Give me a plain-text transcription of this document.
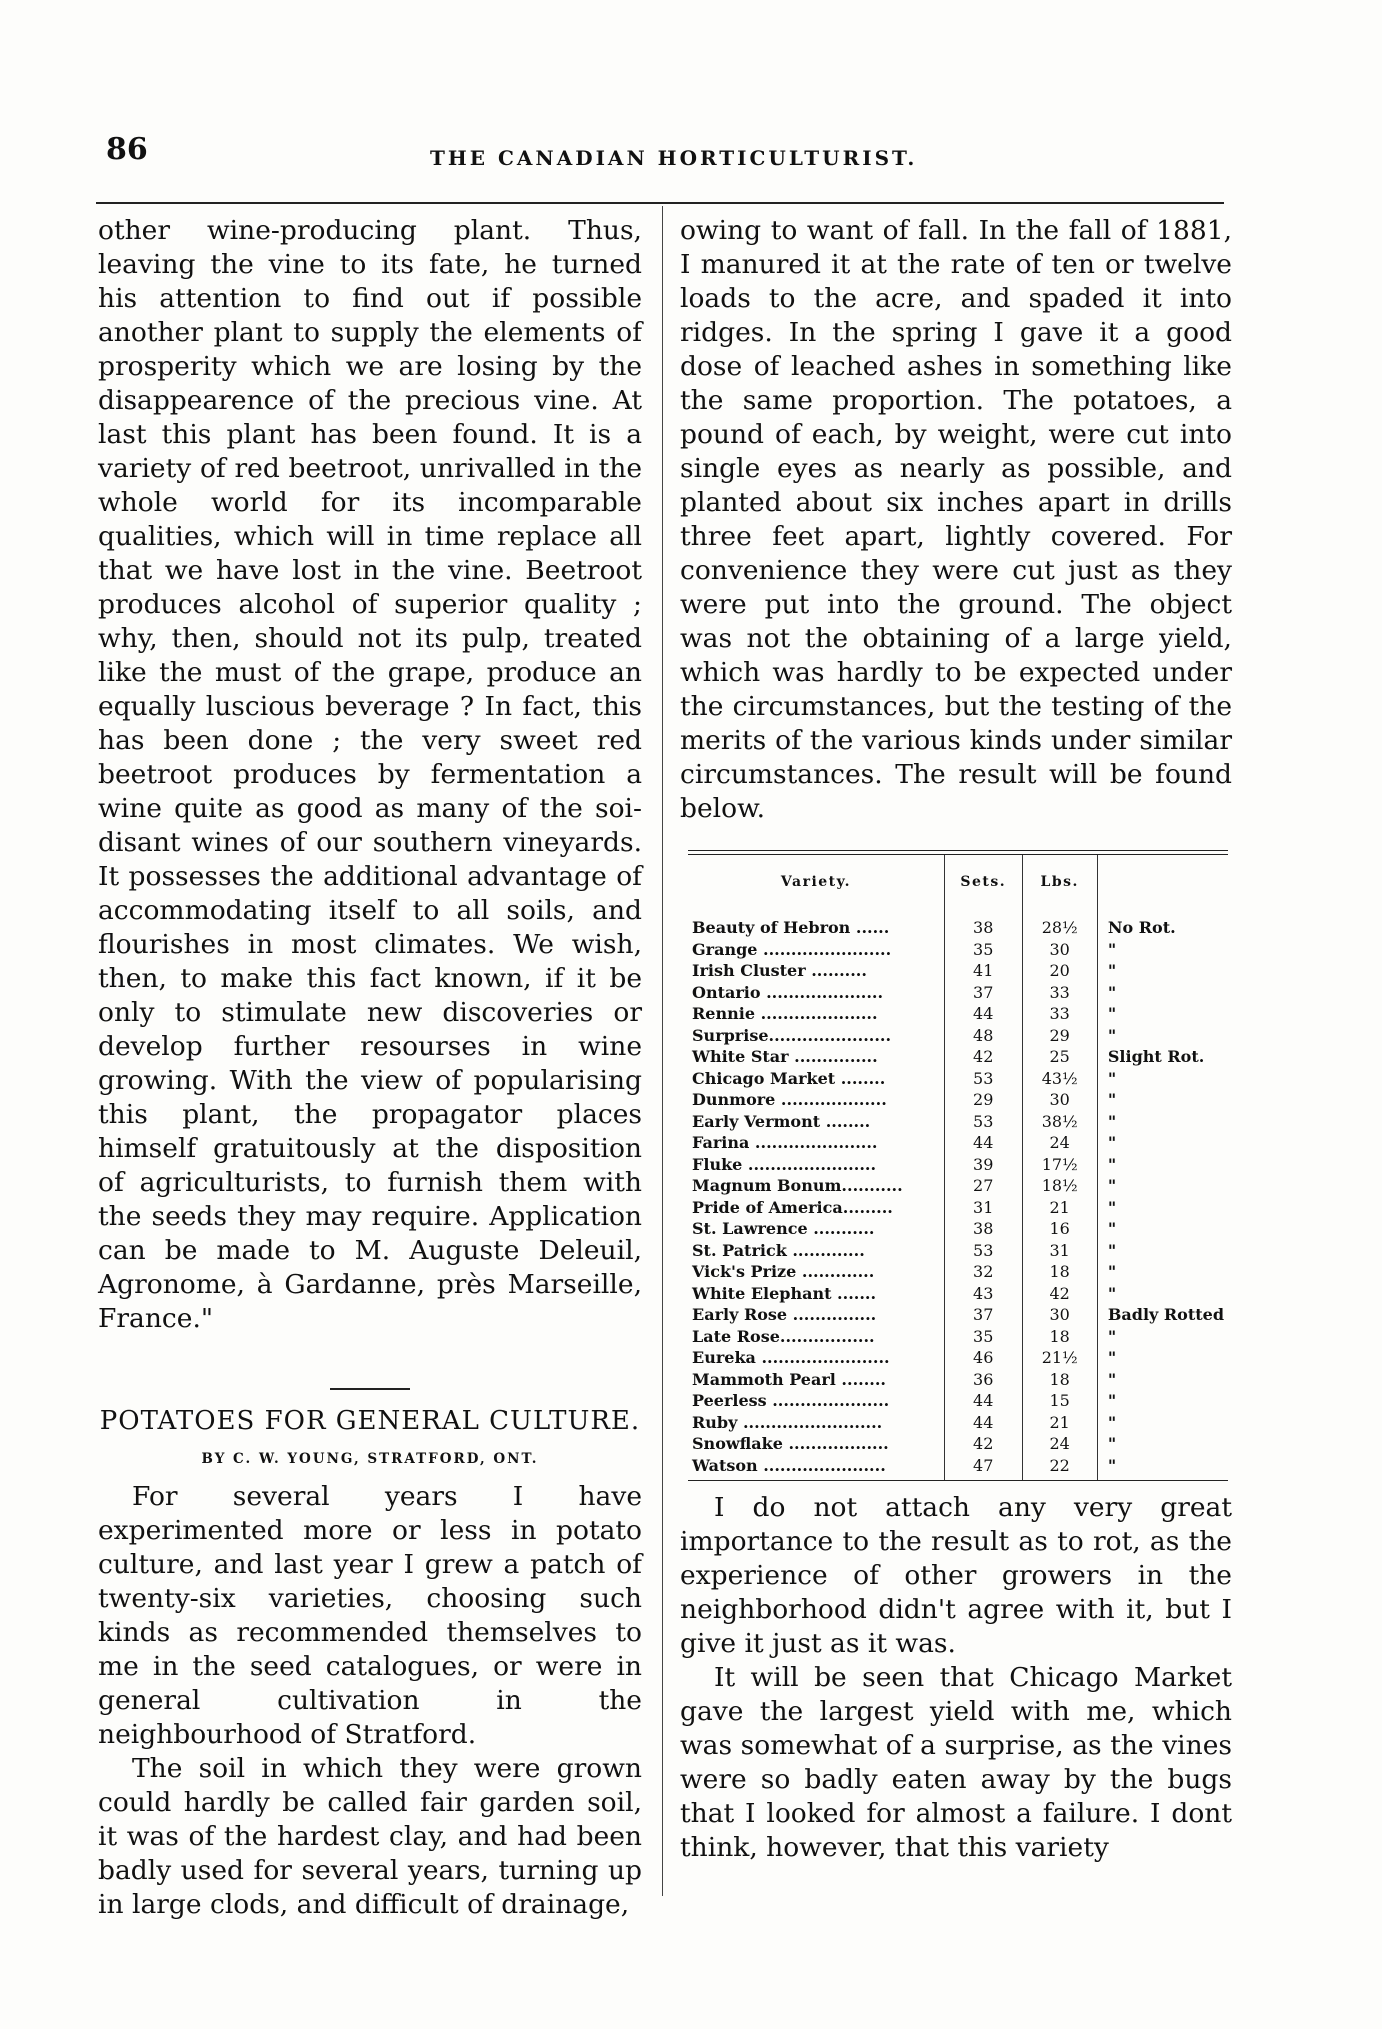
86	THE CANADIAN HORTICULTURIST.

other wine-producing plant. Thus, leaving the vine to its fate, he turned his attention to find out if possible another plant to supply the elements of prosperity which we are losing by the disappearence of the precious vine. At last this plant has been found. It is a variety of red beetroot, unrivalled in the whole world for its incomparable qualities, which will in time replace all that we have lost in the vine. Beetroot produces alcohol of superior quality ; why, then, should not its pulp, treated like the must of the grape, produce an equally luscious beverage ? In fact, this has been done ; the very sweet red beetroot produces by fermentation a wine quite as good as many of the soi-disant wines of our southern vineyards. It possesses the additional advantage of accommodating itself to all soils, and flourishes in most climates. We wish, then, to make this fact known, if it be only to stimulate new discoveries or develop further resourses in wine growing. With the view of popularising this plant, the propagator places himself gratuitously at the disposition of agriculturists, to furnish them with the seeds they may require. Application can be made to M. Auguste Deleuil, Agronome, à Gardanne, près Marseille, France."

POTATOES FOR GENERAL CULTURE.
BY C. W. YOUNG, STRATFORD, ONT.

For several years I have experimented more or less in potato culture, and last year I grew a patch of twenty-six varieties, choosing such kinds as recommended themselves to me in the seed catalogues, or were in general cultivation in the neighbourhood of Stratford.

The soil in which they were grown could hardly be called fair garden soil, it was of the hardest clay, and had been badly used for several years, turning up in large clods, and difficult of drainage,

owing to want of fall. In the fall of 1881, I manured it at the rate of ten or twelve loads to the acre, and spaded it into ridges. In the spring I gave it a good dose of leached ashes in something like the same proportion. The potatoes, a pound of each, by weight, were cut into single eyes as nearly as possible, and planted about six inches apart in drills three feet apart, lightly covered. For convenience they were cut just as they were put into the ground. The object was not the obtaining of a large yield, which was hardly to be expected under the circumstances, but the testing of the merits of the various kinds under similar circumstances. The result will be found below.

Variety.	Sets.	Lbs.	
Beauty of Hebron ......	38	28½	No Rot.
Grange .......................	35	30	"
Irish Cluster ..........	41	20	"
Ontario .....................	37	33	"
Rennie .....................	44	33	"
Surprise......................	48	29	"
White Star ...............	42	25	Slight Rot.
Chicago Market ........	53	43½	"
Dunmore ...................	29	30	"
Early Vermont ........	53	38½	"
Farina ......................	44	24	"
Fluke .......................	39	17½	"
Magnum Bonum...........	27	18½	"
Pride of America.........	31	21	"
St. Lawrence ...........	38	16	"
St. Patrick .............	53	31	"
Vick's Prize .............	32	18	"
White Elephant .......	43	42	"
Early Rose ...............	37	30	Badly Rotted
Late Rose.................	35	18	"
Eureka .......................	46	21½	"
Mammoth Pearl ........	36	18	"
Peerless .....................	44	15	"
Ruby .........................	44	21	"
Snowflake ..................	42	24	"
Watson ......................	47	22	"

I do not attach any very great importance to the result as to rot, as the experience of other growers in the neighborhood didn't agree with it, but I give it just as it was.

It will be seen that Chicago Market gave the largest yield with me, which was somewhat of a surprise, as the vines were so badly eaten away by the bugs that I looked for almost a failure. I dont think, however, that this variety
